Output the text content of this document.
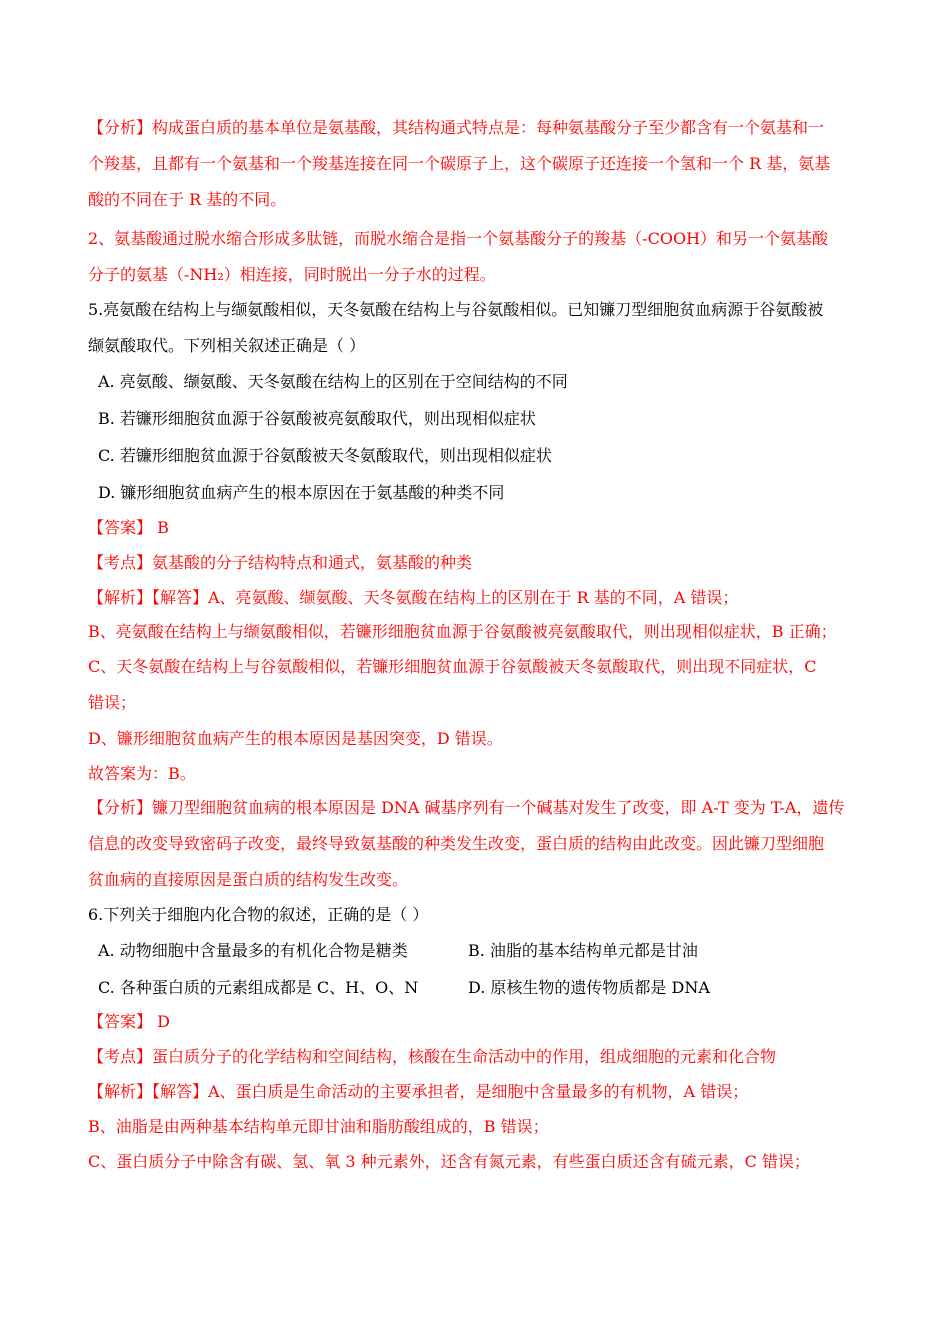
【分析】构成蛋白质的基本单位是氨基酸，其结构通式特点是：每种氨基酸分子至少都含有一个氨基和一
个羧基，且都有一个氨基和一个羧基连接在同一个碳原子上，这个碳原子还连接一个氢和一个 R 基，氨基
酸的不同在于 R 基的不同。
2、氨基酸通过脱水缩合形成多肽链，而脱水缩合是指一个氨基酸分子的羧基（-COOH）和另一个氨基酸
分子的氨基（-NH₂）相连接，同时脱出一分子水的过程。
5.亮氨酸在结构上与缬氨酸相似，天冬氨酸在结构上与谷氨酸相似。已知镰刀型细胞贫血病源于谷氨酸被
缬氨酸取代。下列相关叙述正确是（ ）
A. 亮氨酸、缬氨酸、天冬氨酸在结构上的区别在于空间结构的不同
B. 若镰形细胞贫血源于谷氨酸被亮氨酸取代，则出现相似症状
C. 若镰形细胞贫血源于谷氨酸被天冬氨酸取代，则出现相似症状
D. 镰形细胞贫血病产生的根本原因在于氨基酸的种类不同
【答案】 B
【考点】氨基酸的分子结构特点和通式，氨基酸的种类
【解析】【解答】A、亮氨酸、缬氨酸、天冬氨酸在结构上的区别在于 R 基的不同，A 错误；
B、亮氨酸在结构上与缬氨酸相似，若镰形细胞贫血源于谷氨酸被亮氨酸取代，则出现相似症状，B 正确；
C、天冬氨酸在结构上与谷氨酸相似，若镰形细胞贫血源于谷氨酸被天冬氨酸取代，则出现不同症状，C
错误；
D、镰形细胞贫血病产生的根本原因是基因突变，D 错误。
故答案为：B。
【分析】镰刀型细胞贫血病的根本原因是 DNA 碱基序列有一个碱基对发生了改变，即 A-T 变为 T-A，遗传
信息的改变导致密码子改变，最终导致氨基酸的种类发生改变，蛋白质的结构由此改变。因此镰刀型细胞
贫血病的直接原因是蛋白质的结构发生改变。
6.下列关于细胞内化合物的叙述，正确的是（ ）
A. 动物细胞中含量最多的有机化合物是糖类	B. 油脂的基本结构单元都是甘油
C. 各种蛋白质的元素组成都是 C、H、O、N	D. 原核生物的遗传物质都是 DNA
【答案】 D
【考点】蛋白质分子的化学结构和空间结构，核酸在生命活动中的作用，组成细胞的元素和化合物
【解析】【解答】A、蛋白质是生命活动的主要承担者，是细胞中含量最多的有机物，A 错误；
B、油脂是由两种基本结构单元即甘油和脂肪酸组成的，B 错误；
C、蛋白质分子中除含有碳、氢、氧 3 种元素外，还含有氮元素，有些蛋白质还含有硫元素，C 错误；
